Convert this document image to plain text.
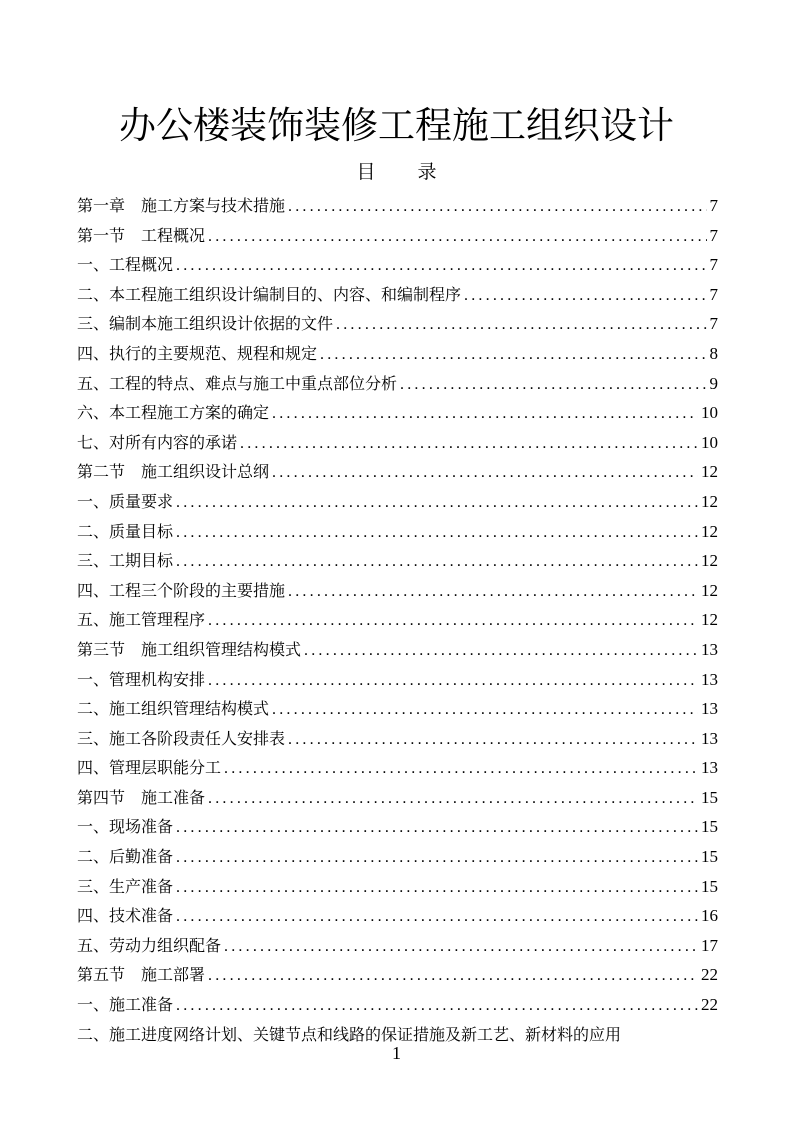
办公楼装饰装修工程施工组织设计
目 录
第一章 施工方案与技术措施 .....	7
第一节 工程概况 .....	7
一、工程概况 .....	7
二、本工程施工组织设计编制目的、内容、和编制程序 .....	7
三、编制本施工组织设计依据的文件 .....	7
四、执行的主要规范、规程和规定 .....	8
五、工程的特点、难点与施工中重点部位分析 .....	9
六、本工程施工方案的确定 .....	10
七、对所有内容的承诺 .....	10
第二节 施工组织设计总纲 .....	12
一、质量要求 .....	12
二、质量目标 .....	12
三、工期目标 .....	12
四、工程三个阶段的主要措施 .....	12
五、施工管理程序 .....	12
第三节 施工组织管理结构模式 .....	13
一、管理机构安排 .....	13
二、施工组织管理结构模式 .....	13
三、施工各阶段责任人安排表 .....	13
四、管理层职能分工 .....	13
第四节 施工准备 .....	15
一、现场准备 .....	15
二、后勤准备 .....	15
三、生产准备 .....	15
四、技术准备 .....	16
五、劳动力组织配备 .....	17
第五节 施工部署 .....	22
一、施工准备 .....	22
二、施工进度网络计划、关键节点和线路的保证措施及新工艺、新材料的应用
1
